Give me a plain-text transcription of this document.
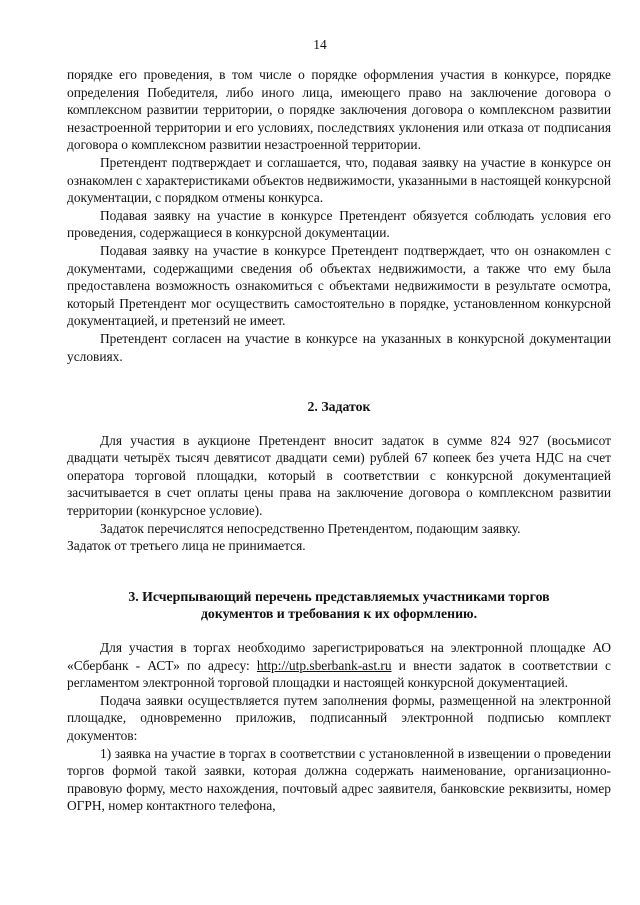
14

порядке его проведения, в том числе о порядке оформления участия в конкурсе, порядке определения Победителя, либо иного лица, имеющего право на заключение договора о комплексном развитии территории, о порядке заключения договора о комплексном развитии незастроенной территории и его условиях, последствиях уклонения или отказа от подписания договора о комплексном развитии незастроенной территории.

Претендент подтверждает и соглашается, что, подавая заявку на участие в конкурсе он ознакомлен с характеристиками объектов недвижимости, указанными в настоящей конкурсной документации, с порядком отмены конкурса.

Подавая заявку на участие в конкурсе Претендент обязуется соблюдать условия его проведения, содержащиеся в конкурсной документации.

Подавая заявку на участие в конкурсе Претендент подтверждает, что он ознакомлен с документами, содержащими сведения об объектах недвижимости, а также что ему была предоставлена возможность ознакомиться с объектами недвижимости в результате осмотра, который Претендент мог осуществить самостоятельно в порядке, установленном конкурсной документацией, и претензий не имеет.

Претендент согласен на участие в конкурсе на указанных в конкурсной документации условиях.

2. Задаток

Для участия в аукционе Претендент вносит задаток в сумме 824 927 (восьмисот двадцати четырёх тысяч девятисот двадцати семи) рублей 67 копеек без учета НДС на счет оператора торговой площадки, который в соответствии с конкурсной документацией засчитывается в счет оплаты цены права на заключение договора о комплексном развитии территории (конкурсное условие).

Задаток перечислятся непосредственно Претендентом, подающим заявку.

Задаток от третьего лица не принимается.

3. Исчерпывающий перечень представляемых участниками торгов
документов и требования к их оформлению.

Для участия в торгах необходимо зарегистрироваться на электронной площадке АО «Сбербанк - АСТ» по адресу: http://utp.sberbank-ast.ru и внести задаток в соответствии с регламентом электронной торговой площадки и настоящей конкурсной документацией.

Подача заявки осуществляется путем заполнения формы, размещенной на электронной площадке, одновременно приложив, подписанный электронной подписью комплект документов:

1) заявка на участие в торгах в соответствии с установленной в извещении о проведении торгов формой такой заявки, которая должна содержать наименование, организационно-правовую форму, место нахождения, почтовый адрес заявителя, банковские реквизиты, номер ОГРН, номер контактного телефона,
